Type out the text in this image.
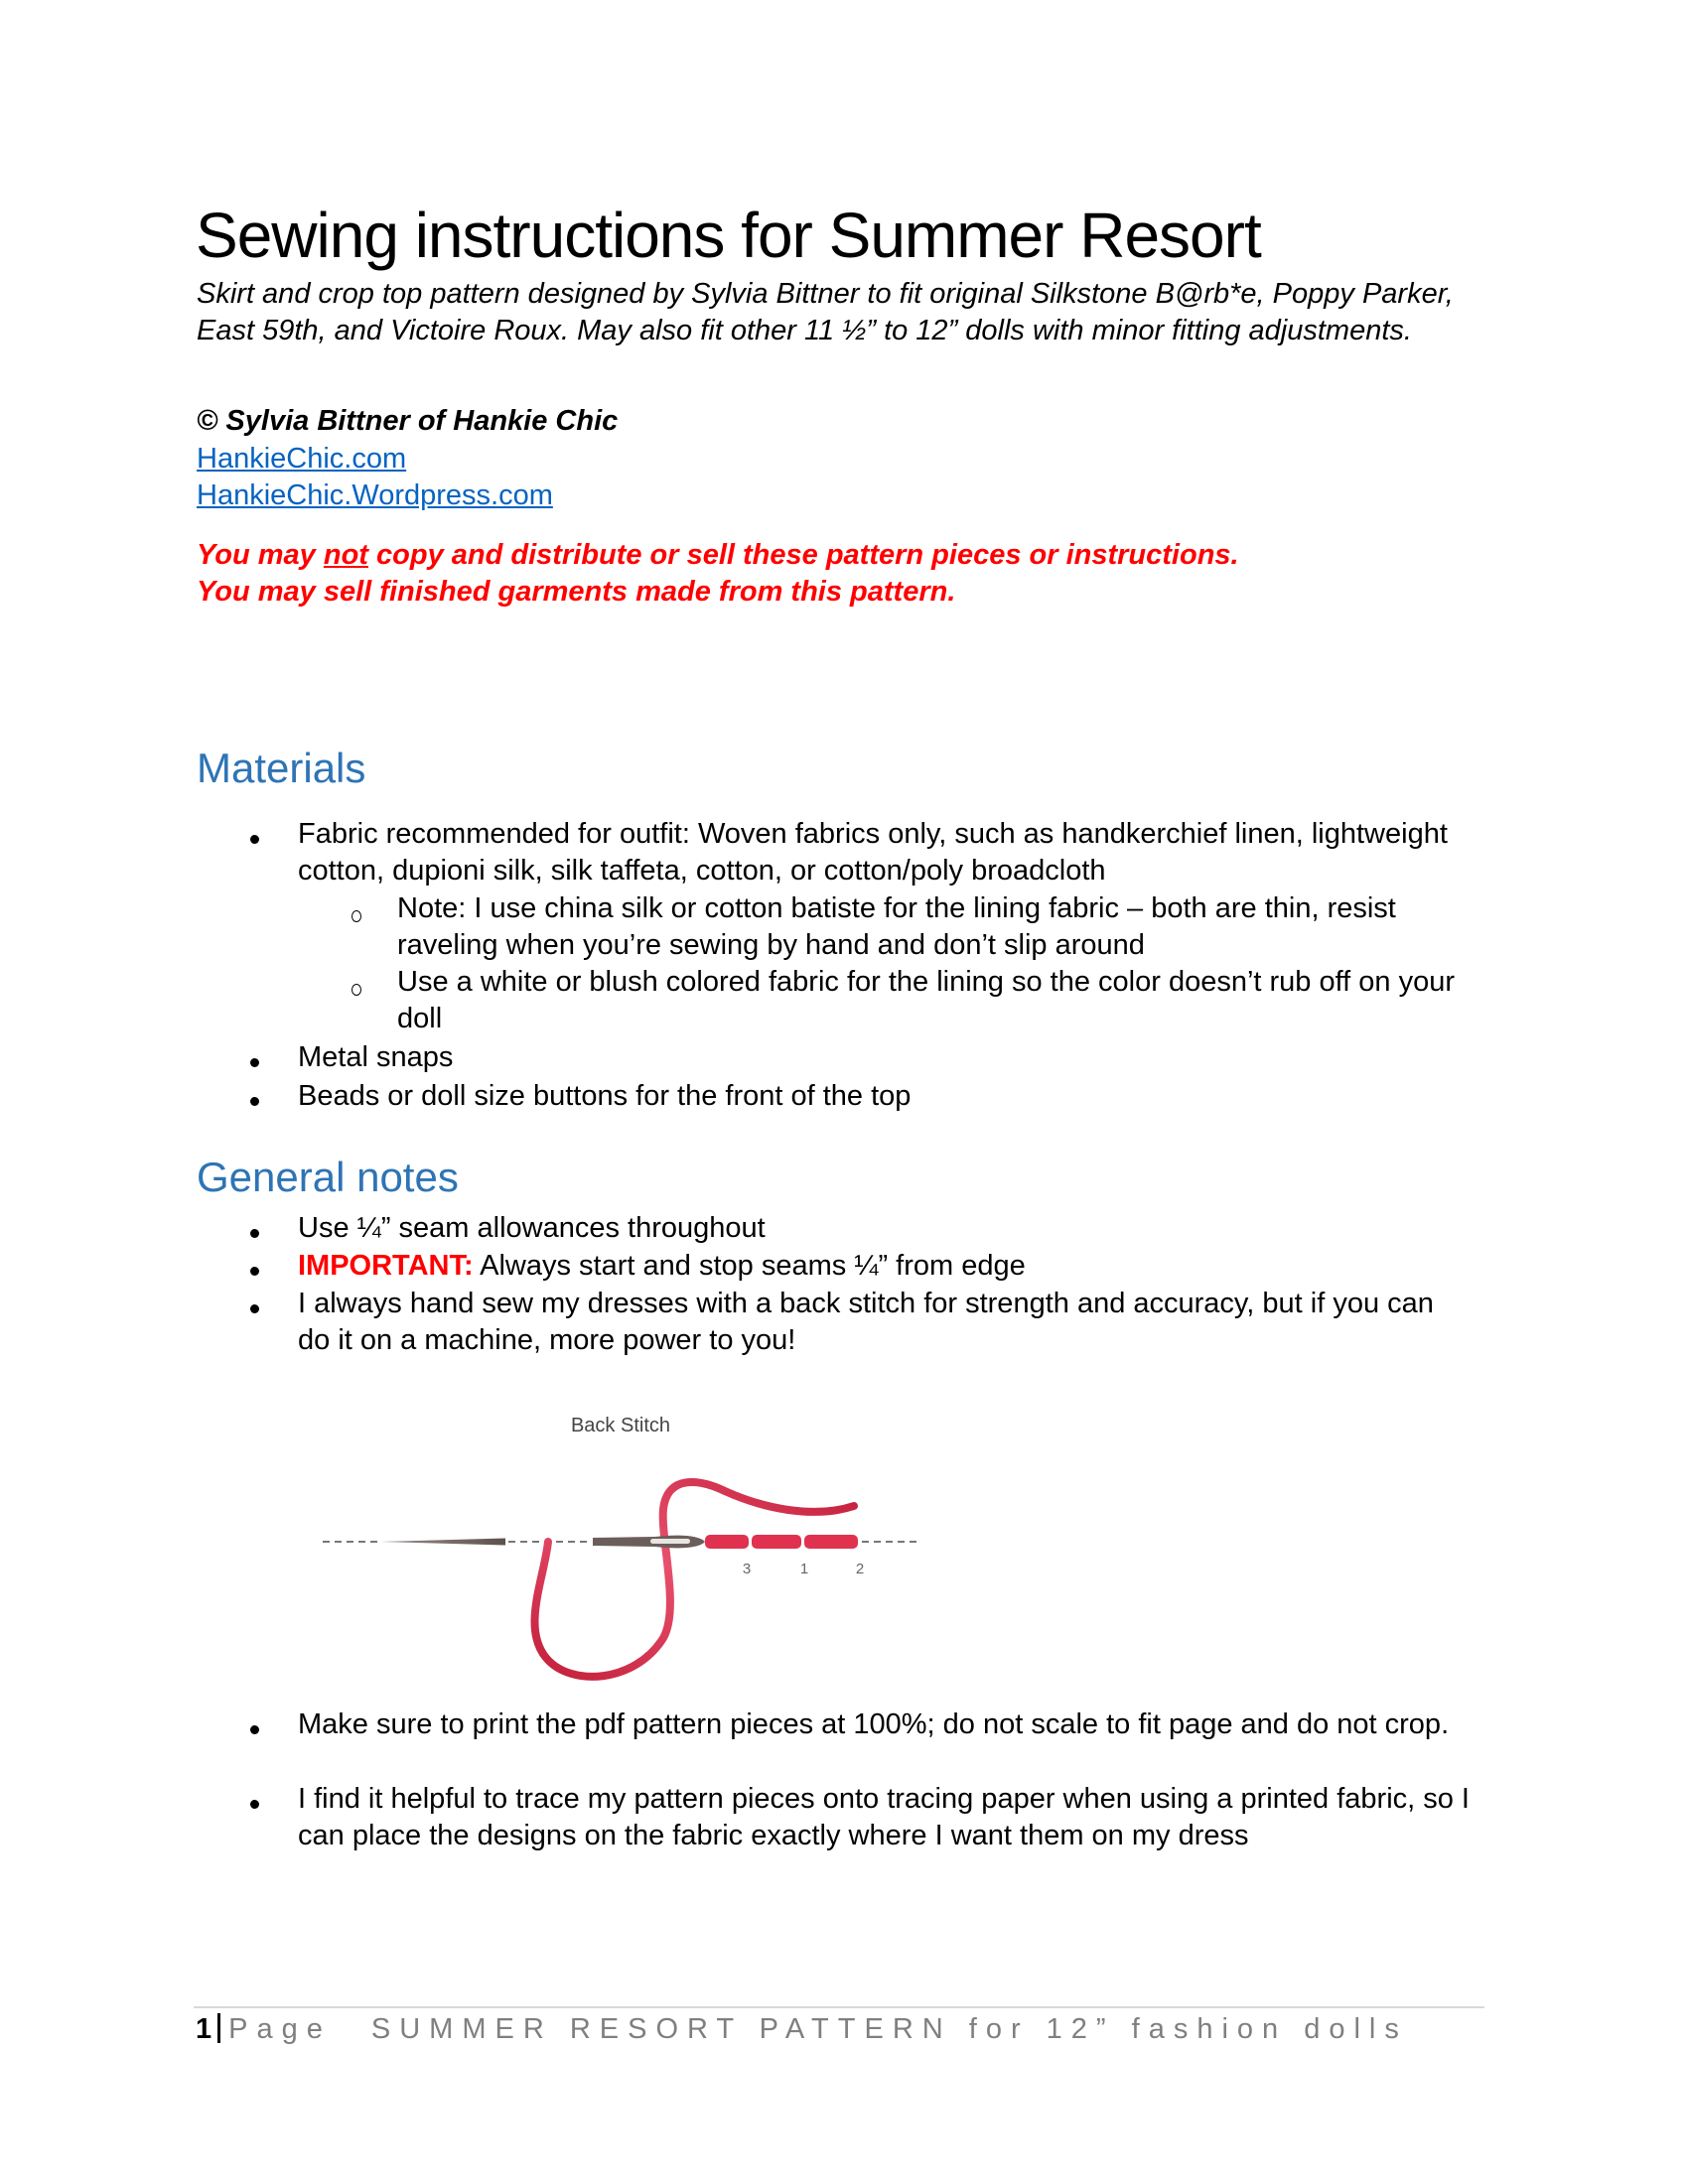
Sewing instructions for Summer Resort
Skirt and crop top pattern designed by Sylvia Bittner to fit original Silkstone B@rb*e, Poppy Parker, East 59th, and Victoire Roux. May also fit other 11 ½” to 12” dolls with minor fitting adjustments.
© Sylvia Bittner of Hankie Chic
HankieChic.com
HankieChic.Wordpress.com
You may not copy and distribute or sell these pattern pieces or instructions.
You may sell finished garments made from this pattern.
Materials
Fabric recommended for outfit: Woven fabrics only, such as handkerchief linen, lightweight cotton, dupioni silk, silk taffeta, cotton, or cotton/poly broadcloth
Note: I use china silk or cotton batiste for the lining fabric – both are thin, resist raveling when you’re sewing by hand and don’t slip around
Use a white or blush colored fabric for the lining so the color doesn’t rub off on your doll
Metal snaps
Beads or doll size buttons for the front of the top
General notes
Use ¼” seam allowances throughout
IMPORTANT: Always start and stop seams ¼” from edge
I always hand sew my dresses with a back stitch for strength and accuracy, but if you can do it on a machine, more power to you!
Back Stitch
3	1	2
Make sure to print the pdf pattern pieces at 100%; do not scale to fit page and do not crop.
I find it helpful to trace my pattern pieces onto tracing paper when using a printed fabric, so I can place the designs on the fabric exactly where I want them on my dress
1 Page SUMMER RESORT PATTERN for 12” fashion dolls
